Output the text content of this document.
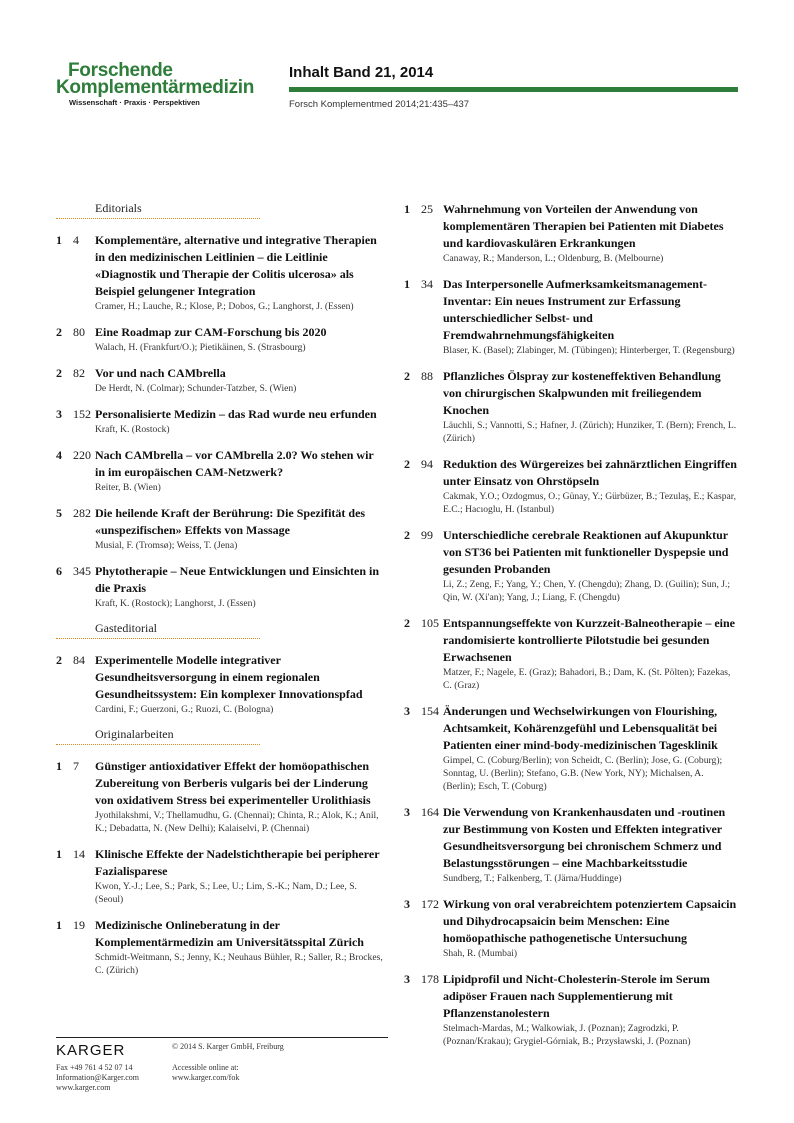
Forschende
Komplementärmedizin
Wissenschaft · Praxis · Perspektiven
Inhalt Band 21, 2014
Forsch Komplementmed 2014;21:435–437
Editorials
1 4	Komplementäre, alternative und integrative Therapien in den medizinischen Leitlinien – die Leitlinie «Diagnostik und Therapie der Colitis ulcerosa» als Beispiel gelungener Integration
Cramer, H.; Lauche, R.; Klose, P.; Dobos, G.; Langhorst, J. (Essen)
2 80 Eine Roadmap zur CAM-Forschung bis 2020
Walach, H. (Frankfurt/O.); Pietikäinen, S. (Strasbourg)
2 82 Vor und nach CAMbrella
De Herdt, N. (Colmar); Schunder-Tatzber, S. (Wien)
3 152 Personalisierte Medizin – das Rad wurde neu erfunden
Kraft, K. (Rostock)
4 220 Nach CAMbrella – vor CAMbrella 2.0? Wo stehen wir in im europäischen CAM-Netzwerk?
Reiter, B. (Wien)
5 282 Die heilende Kraft der Berührung: Die Spezifität des «unspezifischen» Effekts von Massage
Musial, F. (Tromsø); Weiss, T. (Jena)
6 345 Phytotherapie – Neue Entwicklungen und Einsichten in die Praxis
Kraft, K. (Rostock); Langhorst, J. (Essen)
Gasteditorial
2 84 Experimentelle Modelle integrativer Gesundheitsversorgung in einem regionalen Gesundheitssystem: Ein komplexer Innovationspfad
Cardini, F.; Guerzoni, G.; Ruozi, C. (Bologna)
Originalarbeiten
1 7	Günstiger antioxidativer Effekt der homöopathischen Zubereitung von Berberis vulgaris bei der Linderung von oxidativem Stress bei experimenteller Urolithiasis
Jyothilakshmi, V.; Thellamudhu, G. (Chennai); Chinta, R.; Alok, K.; Anil, K.; Debadatta, N. (New Delhi); Kalaiselvi, P. (Chennai)
1 14 Klinische Effekte der Nadelstichtherapie bei peripherer Fazialisparese
Kwon, Y.-J.; Lee, S.; Park, S.; Lee, U.; Lim, S.-K.; Nam, D.; Lee, S. (Seoul)
1 19 Medizinische Onlineberatung in der Komplementärmedizin am Universitätsspital Zürich
Schmidt-Weitmann, S.; Jenny, K.; Neuhaus Bühler, R.; Saller, R.; Brockes, C. (Zürich)
1 25 Wahrnehmung von Vorteilen der Anwendung von komplementären Therapien bei Patienten mit Diabetes und kardiovaskulären Erkrankungen
Canaway, R.; Manderson, L.; Oldenburg, B. (Melbourne)
1 34 Das Interpersonelle Aufmerksamkeitsmanagement-Inventar: Ein neues Instrument zur Erfassung unterschiedlicher Selbst- und Fremdwahrnehmungsfähigkeiten
Blaser, K. (Basel); Zlabinger, M. (Tübingen); Hinterberger, T. (Regensburg)
2 88 Pflanzliches Ölspray zur kosteneffektiven Behandlung von chirurgischen Skalpwunden mit freiliegendem Knochen
Läuchli, S.; Vannotti, S.; Hafner, J. (Zürich); Hunziker, T. (Bern); French, L. (Zürich)
2 94 Reduktion des Würgereizes bei zahnärztlichen Eingriffen unter Einsatz von Ohrstöpseln
Cakmak, Y.O.; Ozdogmus, O.; Günay, Y.; Gürbüzer, B.; Tezulaş, E.; Kaspar, E.C.; Hacıoglu, H. (Istanbul)
2 99 Unterschiedliche cerebrale Reaktionen auf Akupunktur von ST36 bei Patienten mit funktioneller Dyspepsie und gesunden Probanden
Li, Z.; Zeng, F.; Yang, Y.; Chen, Y. (Chengdu); Zhang, D. (Guilin); Sun, J.; Qin, W. (Xi'an); Yang, J.; Liang, F. (Chengdu)
2 105 Entspannungseffekte von Kurzzeit-Balneotherapie – eine randomisierte kontrollierte Pilotstudie bei gesunden Erwachsenen
Matzer, F.; Nagele, E. (Graz); Bahadori, B.; Dam, K. (St. Pölten); Fazekas, C. (Graz)
3 154 Änderungen und Wechselwirkungen von Flourishing, Achtsamkeit, Kohärenzgefühl und Lebensqualität bei Patienten einer mind-body-medizinischen Tagesklinik
Gimpel, C. (Coburg/Berlin); von Scheidt, C. (Berlin); Jose, G. (Coburg); Sonntag, U. (Berlin); Stefano, G.B. (New York, NY); Michalsen, A. (Berlin); Esch, T. (Coburg)
3 164 Die Verwendung von Krankenhausdaten und -routinen zur Bestimmung von Kosten und Effekten integrativer Gesundheitsversorgung bei chronischem Schmerz und Belastungsstörungen – eine Machbarkeitsstudie
Sundberg, T.; Falkenberg, T. (Järna/Huddinge)
3 172 Wirkung von oral verabreichtem potenziertem Capsaicin und Dihydrocapsaicin beim Menschen: Eine homöopathische pathogenetische Untersuchung
Shah, R. (Mumbai)
3 178 Lipidprofil und Nicht-Cholesterin-Sterole im Serum adipöser Frauen nach Supplementierung mit Pflanzenstanolestern
Stelmach-Mardas, M.; Walkowiak, J. (Poznan); Zagrodzki, P. (Poznan/Krakau); Grygiel-Górniak, B.; Przysławski, J. (Poznan)
KARGER	© 2014 S. Karger GmbH, Freiburg
Fax +49 761 4 52 07 14
Information@Karger.com
www.karger.com
Accessible online at:
www.karger.com/fok
